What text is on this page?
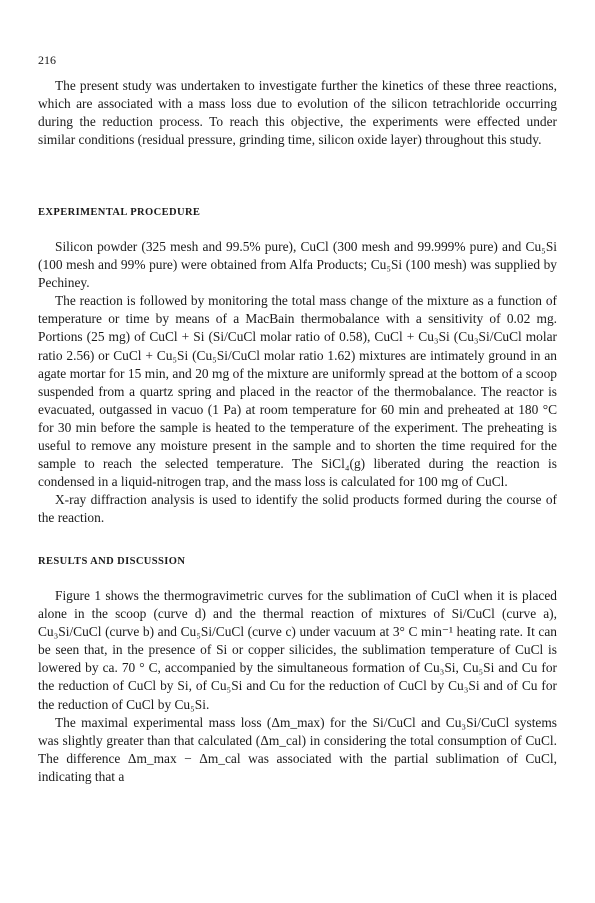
216

The present study was undertaken to investigate further the kinetics of these three reactions, which are associated with a mass loss due to evolution of the silicon tetrachloride occurring during the reduction process. To reach this objective, the experiments were effected under similar conditions (residual pressure, grinding time, silicon oxide layer) throughout this study.

EXPERIMENTAL PROCEDURE

Silicon powder (325 mesh and 99.5% pure), CuCl (300 mesh and 99.999% pure) and Cu₅Si (100 mesh and 99% pure) were obtained from Alfa Products; Cu₅Si (100 mesh) was supplied by Pechiney.

The reaction is followed by monitoring the total mass change of the mixture as a function of temperature or time by means of a MacBain thermobalance with a sensitivity of 0.02 mg. Portions (25 mg) of CuCl + Si (Si/CuCl molar ratio of 0.58), CuCl + Cu₃Si (Cu₃Si/CuCl molar ratio 2.56) or CuCl + Cu₅Si (Cu₅Si/CuCl molar ratio 1.62) mixtures are intimately ground in an agate mortar for 15 min, and 20 mg of the mixture are uniformly spread at the bottom of a scoop suspended from a quartz spring and placed in the reactor of the thermobalance. The reactor is evacuated, outgassed in vacuo (1 Pa) at room temperature for 60 min and preheated at 180 °C for 30 min before the sample is heated to the temperature of the experiment. The preheating is useful to remove any moisture present in the sample and to shorten the time required for the sample to reach the selected temperature. The SiCl₄(g) liberated during the reaction is condensed in a liquid-nitrogen trap, and the mass loss is calculated for 100 mg of CuCl.

X-ray diffraction analysis is used to identify the solid products formed during the course of the reaction.

RESULTS AND DISCUSSION

Figure 1 shows the thermogravimetric curves for the sublimation of CuCl when it is placed alone in the scoop (curve d) and the thermal reaction of mixtures of Si/CuCl (curve a), Cu₃Si/CuCl (curve b) and Cu₅Si/CuCl (curve c) under vacuum at 3° C min⁻¹ heating rate. It can be seen that, in the presence of Si or copper silicides, the sublimation temperature of CuCl is lowered by ca. 70 ° C, accompanied by the simultaneous formation of Cu₃Si, Cu₅Si and Cu for the reduction of CuCl by Si, of Cu₅Si and Cu for the reduction of CuCl by Cu₃Si and of Cu for the reduction of CuCl by Cu₅Si.

The maximal experimental mass loss (Δm_max) for the Si/CuCl and Cu₃Si/CuCl systems was slightly greater than that calculated (Δm_cal) in considering the total consumption of CuCl. The difference Δm_max − Δm_cal was associated with the partial sublimation of CuCl, indicating that a
